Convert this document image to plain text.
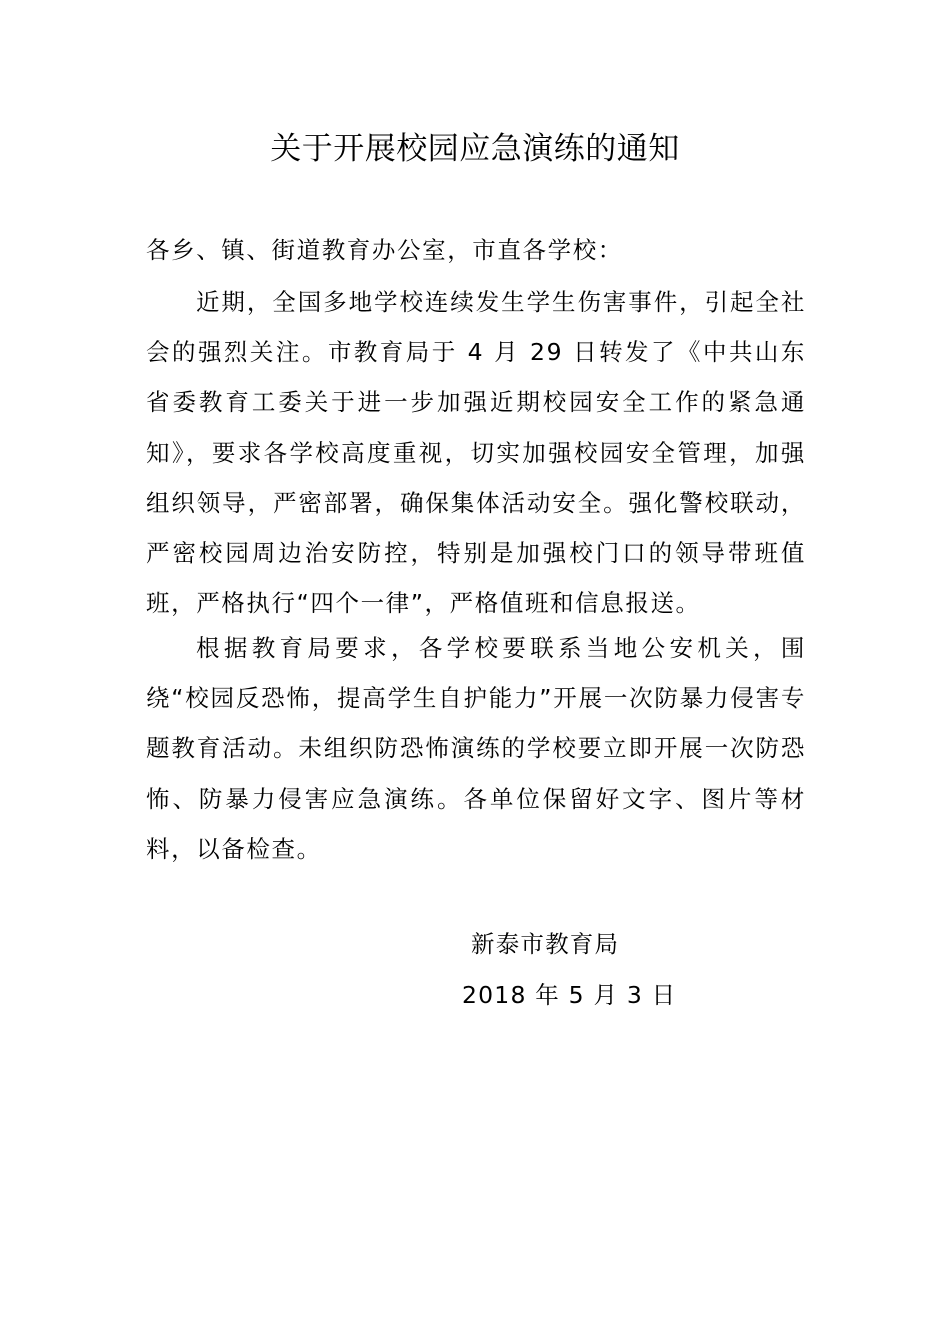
关于开展校园应急演练的通知
各乡、镇、街道教育办公室，市直各学校：
近期，全国多地学校连续发生学生伤害事件，引起全社会的强烈关注。市教育局于 4 月 29 日转发了《中共山东省委教育工委关于进一步加强近期校园安全工作的紧急通知》，要求各学校高度重视，切实加强校园安全管理，加强组织领导，严密部署，确保集体活动安全。强化警校联动，严密校园周边治安防控，特别是加强校门口的领导带班值班，严格执行“四个一律”，严格值班和信息报送。
根据教育局要求，各学校要联系当地公安机关，围绕“校园反恐怖，提高学生自护能力”开展一次防暴力侵害专题教育活动。未组织防恐怖演练的学校要立即开展一次防恐怖、防暴力侵害应急演练。各单位保留好文字、图片等材料，以备检查。
新泰市教育局
2018 年 5 月 3 日
